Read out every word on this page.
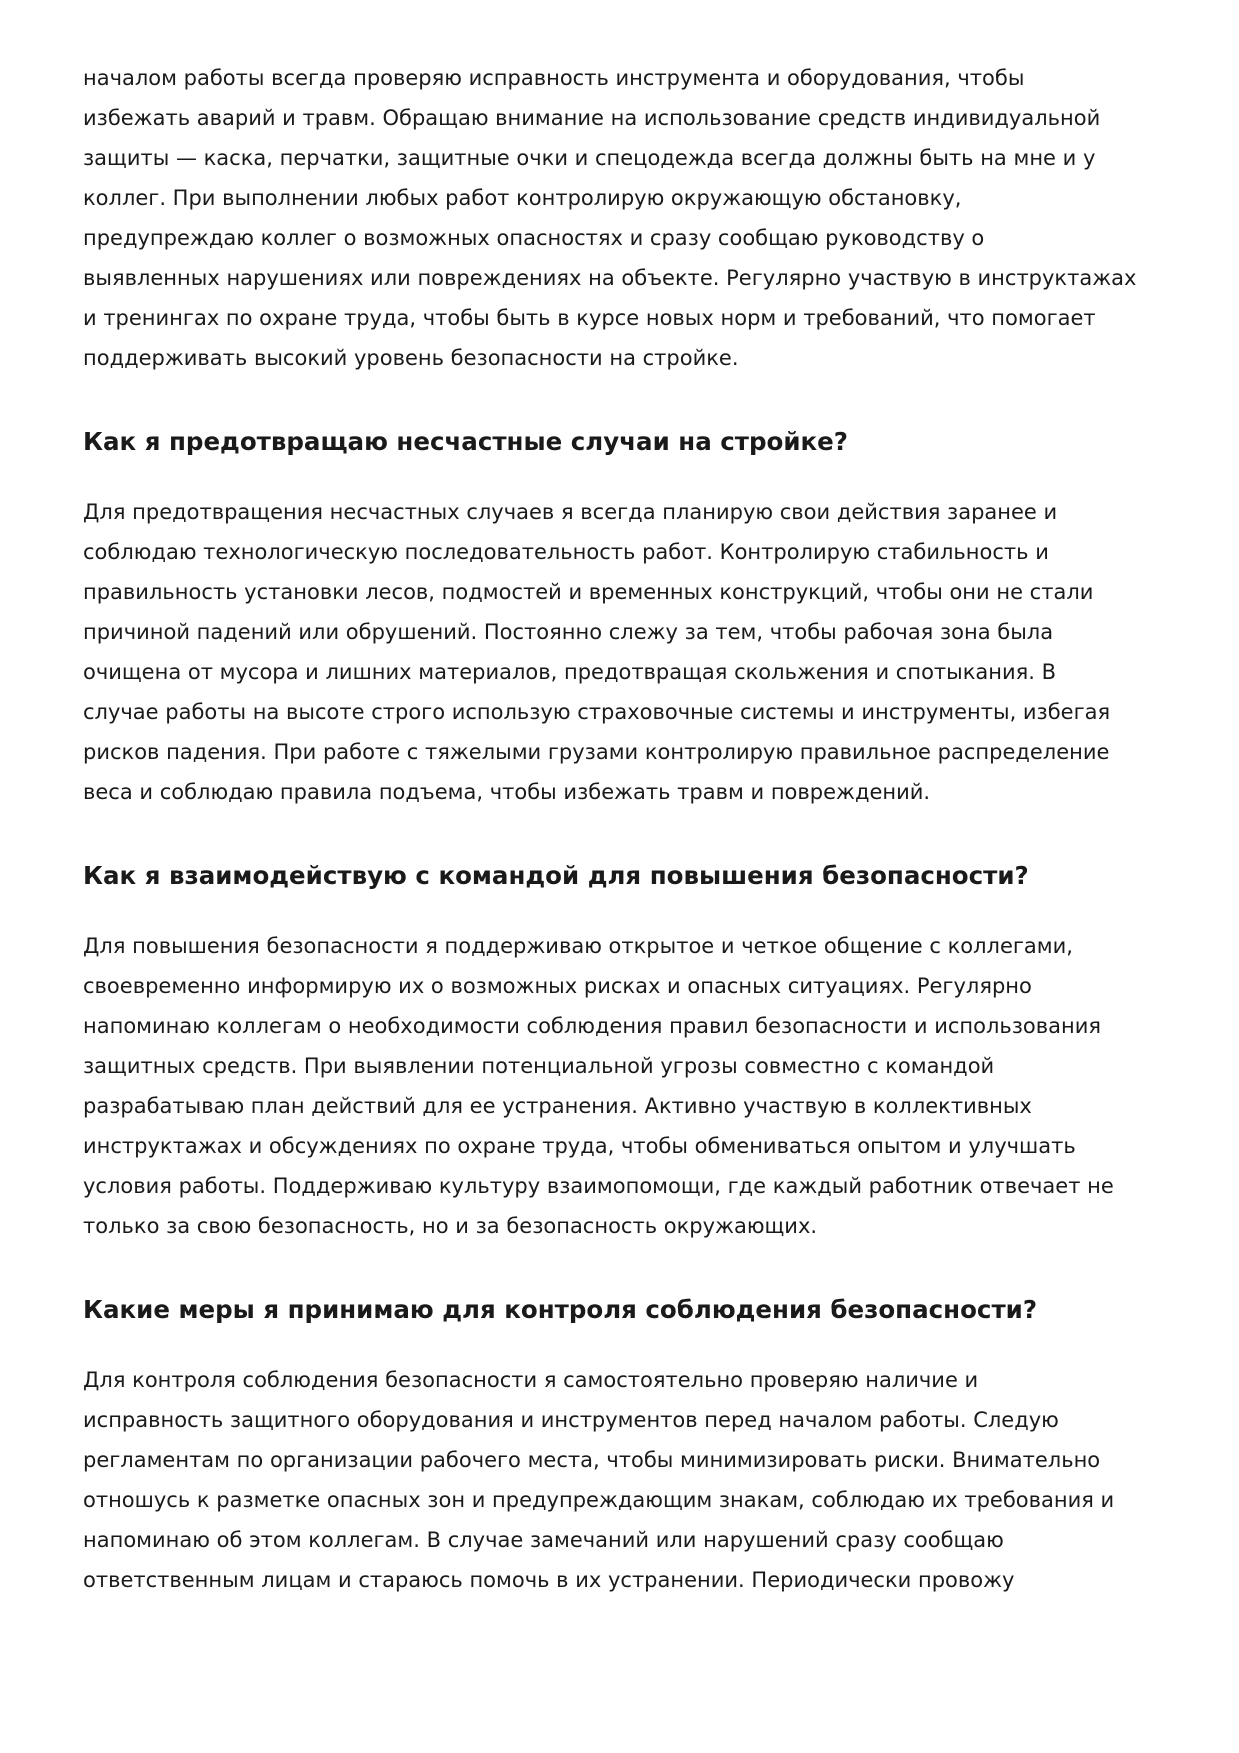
началом работы всегда проверяю исправность инструмента и оборудования, чтобы
избежать аварий и травм. Обращаю внимание на использование средств индивидуальной
защиты — каска, перчатки, защитные очки и спецодежда всегда должны быть на мне и у
коллег. При выполнении любых работ контролирую окружающую обстановку,
предупреждаю коллег о возможных опасностях и сразу сообщаю руководству о
выявленных нарушениях или повреждениях на объекте. Регулярно участвую в инструктажах
и тренингах по охране труда, чтобы быть в курсе новых норм и требований, что помогает
поддерживать высокий уровень безопасности на стройке.

Как я предотвращаю несчастные случаи на стройке?

Для предотвращения несчастных случаев я всегда планирую свои действия заранее и
соблюдаю технологическую последовательность работ. Контролирую стабильность и
правильность установки лесов, подмостей и временных конструкций, чтобы они не стали
причиной падений или обрушений. Постоянно слежу за тем, чтобы рабочая зона была
очищена от мусора и лишних материалов, предотвращая скольжения и спотыкания. В
случае работы на высоте строго использую страховочные системы и инструменты, избегая
рисков падения. При работе с тяжелыми грузами контролирую правильное распределение
веса и соблюдаю правила подъема, чтобы избежать травм и повреждений.

Как я взаимодействую с командой для повышения безопасности?

Для повышения безопасности я поддерживаю открытое и четкое общение с коллегами,
своевременно информирую их о возможных рисках и опасных ситуациях. Регулярно
напоминаю коллегам о необходимости соблюдения правил безопасности и использования
защитных средств. При выявлении потенциальной угрозы совместно с командой
разрабатываю план действий для ее устранения. Активно участвую в коллективных
инструктажах и обсуждениях по охране труда, чтобы обмениваться опытом и улучшать
условия работы. Поддерживаю культуру взаимопомощи, где каждый работник отвечает не
только за свою безопасность, но и за безопасность окружающих.

Какие меры я принимаю для контроля соблюдения безопасности?

Для контроля соблюдения безопасности я самостоятельно проверяю наличие и
исправность защитного оборудования и инструментов перед началом работы. Следую
регламентам по организации рабочего места, чтобы минимизировать риски. Внимательно
отношусь к разметке опасных зон и предупреждающим знакам, соблюдаю их требования и
напоминаю об этом коллегам. В случае замечаний или нарушений сразу сообщаю
ответственным лицам и стараюсь помочь в их устранении. Периодически провожу
